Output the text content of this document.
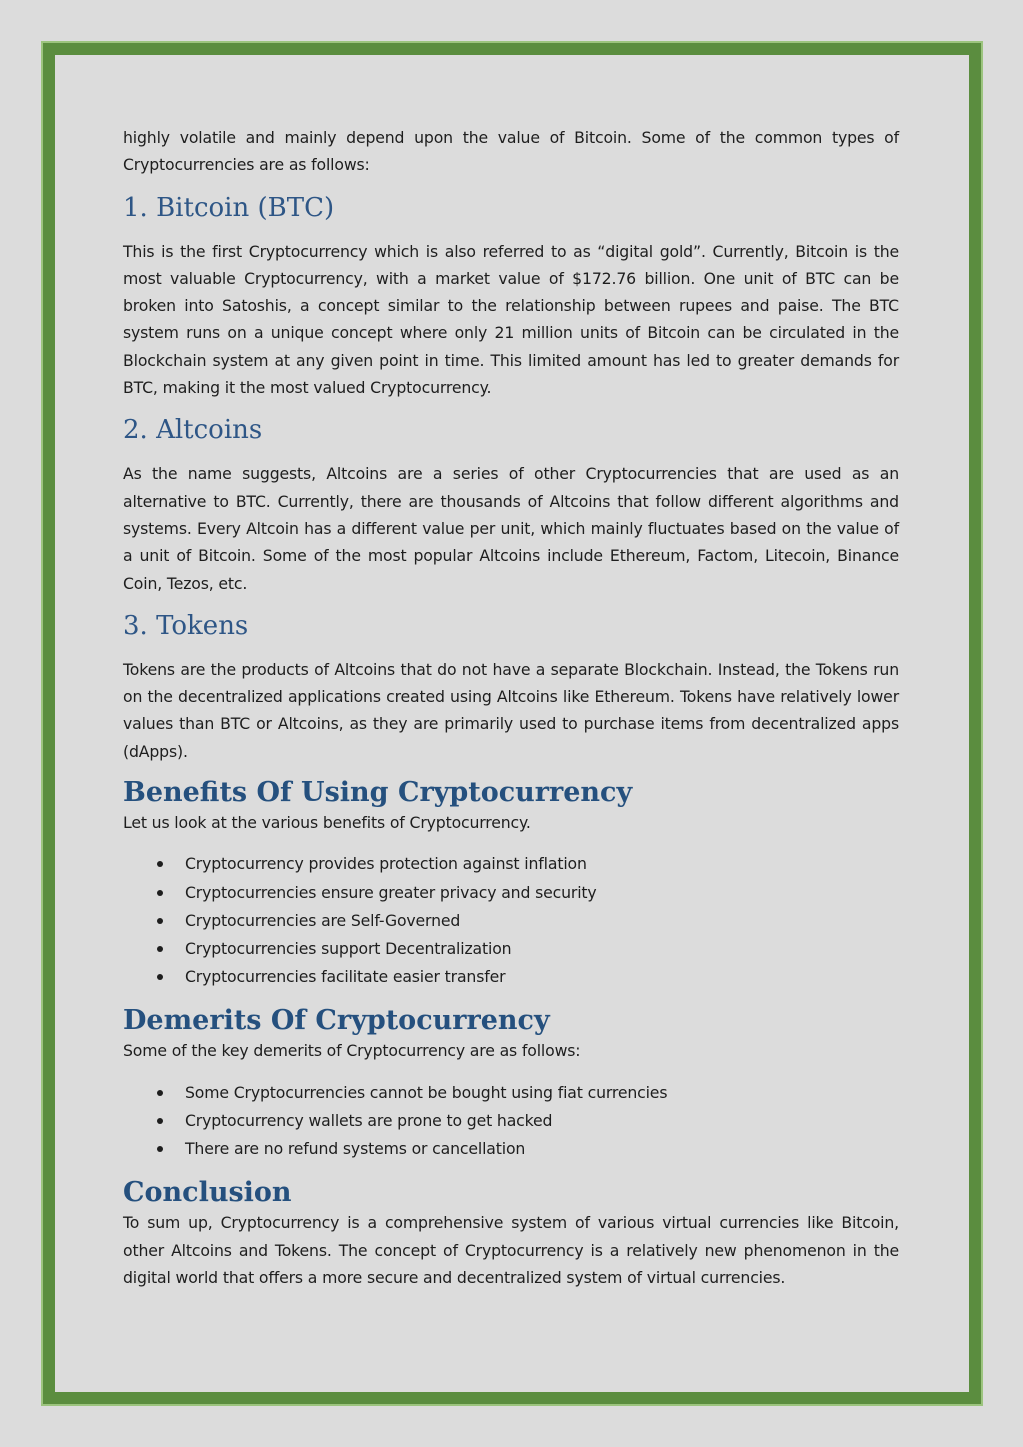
highly volatile and mainly depend upon the value of Bitcoin. Some of the common types of Cryptocurrencies are as follows:

1. Bitcoin (BTC)

This is the first Cryptocurrency which is also referred to as “digital gold”. Currently, Bitcoin is the most valuable Cryptocurrency, with a market value of $172.76 billion. One unit of BTC can be broken into Satoshis, a concept similar to the relationship between rupees and paise. The BTC system runs on a unique concept where only 21 million units of Bitcoin can be circulated in the Blockchain system at any given point in time. This limited amount has led to greater demands for BTC, making it the most valued Cryptocurrency.

2. Altcoins

As the name suggests, Altcoins are a series of other Cryptocurrencies that are used as an alternative to BTC. Currently, there are thousands of Altcoins that follow different algorithms and systems. Every Altcoin has a different value per unit, which mainly fluctuates based on the value of a unit of Bitcoin. Some of the most popular Altcoins include Ethereum, Factom, Litecoin, Binance Coin, Tezos, etc.

3. Tokens

Tokens are the products of Altcoins that do not have a separate Blockchain. Instead, the Tokens run on the decentralized applications created using Altcoins like Ethereum. Tokens have relatively lower values than BTC or Altcoins, as they are primarily used to purchase items from decentralized apps (dApps).

Benefits Of Using Cryptocurrency

Let us look at the various benefits of Cryptocurrency.

Cryptocurrency provides protection against inflation
Cryptocurrencies ensure greater privacy and security
Cryptocurrencies are Self-Governed
Cryptocurrencies support Decentralization
Cryptocurrencies facilitate easier transfer
Demerits Of Cryptocurrency

Some of the key demerits of Cryptocurrency are as follows:

Some Cryptocurrencies cannot be bought using fiat currencies
Cryptocurrency wallets are prone to get hacked
There are no refund systems or cancellation
Conclusion

To sum up, Cryptocurrency is a comprehensive system of various virtual currencies like Bitcoin, other Altcoins and Tokens. The concept of Cryptocurrency is a relatively new phenomenon in the digital world that offers a more secure and decentralized system of virtual currencies.
